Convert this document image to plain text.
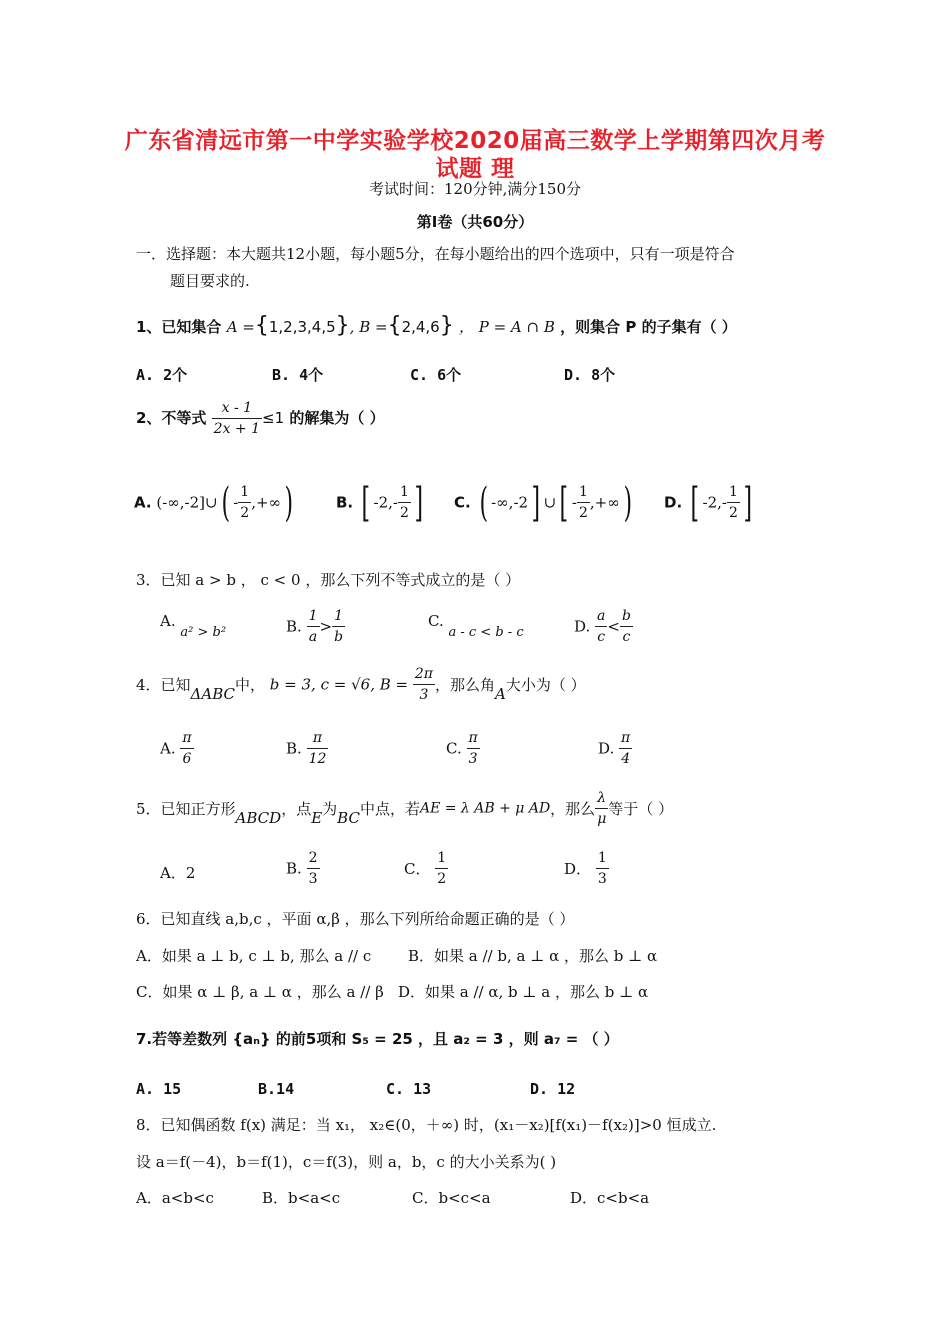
广东省清远市第一中学实验学校2020届高三数学上学期第四次月考
试题 理
考试时间：120分钟,满分150分
第Ⅰ卷（共60分）
一．选择题：本大题共12小题，每小题5分，在每小题给出的四个选项中，只有一项是符合
题目要求的.
1、已知集合 A ={1,2,3,4,5}, B ={2,4,6} ， P = A ∩ B ，则集合 P 的子集有（ ）
A. 2个	B. 4个	C. 6个	D. 8个
2、不等式 $\frac{x - 1}{2x + 1} \le 1$ 的解集为（ ）
A. (-∞,-2]∪( - $\frac{1}{2}$ ,+∞)	B. [ $-2,- \frac{1}{2}$ ] C. ( -∞,-2] ∪[ - $\frac{1}{2}$ ,+∞) D. [ $-2,- \frac{1}{2}$ ]
3．已知 a > b ， c < 0 ，那么下列不等式成立的是（ ）
A. a² > b²	B. $\frac{1}{a} > \frac{1}{b}$	C. a - c < b - c	D. $\frac{a}{c} < \frac{b}{c}$
4．已知ΔABC中， b = 3, c = √6, $B = \frac{2\pi}{3}$ ，那么角A大小为（ ）
A. $\frac{\pi}{6}$	B. $\frac{\pi}{12}$	C. $\frac{\pi}{3}$	D. $\frac{\pi}{4}$
5．已知正方形ABCD，点E为BC中点，若AE = λ AB + μ AD，那么 $\frac{\lambda}{\mu}$ 等于（ ）
A．2	B. $\frac{2}{3}$	C． $\frac{1}{2}$	D． $\frac{1}{3}$
6．已知直线 a,b,c ，平面 α,β ，那么下列所给命题正确的是（ ）
A．如果 a ⊥ b, c ⊥ b, 那么 a // c B．如果 a // b, a ⊥ α ，那么 b ⊥ α
C．如果 α ⊥ β, a ⊥ α ，那么 a // β D．如果 a // α, b ⊥ a ，那么 b ⊥ α
7.若等差数列 {aₙ} 的前5项和 S₅ = 25 ，且 a₂ = 3 ，则 a₇ = （ ）
A. 15	B.14	C. 13	D. 12
8．已知偶函数 f(x) 满足：当 x₁， x₂∈(0，＋∞) 时，(x₁－x₂)[f(x₁)－f(x₂)]>0 恒成立.
设 a＝f(－4)，b＝f(1)，c＝f(3)，则 a，b，c 的大小关系为( )
A．a<b<c	B．b<a<c	C．b<c<a	D．c<b<a
